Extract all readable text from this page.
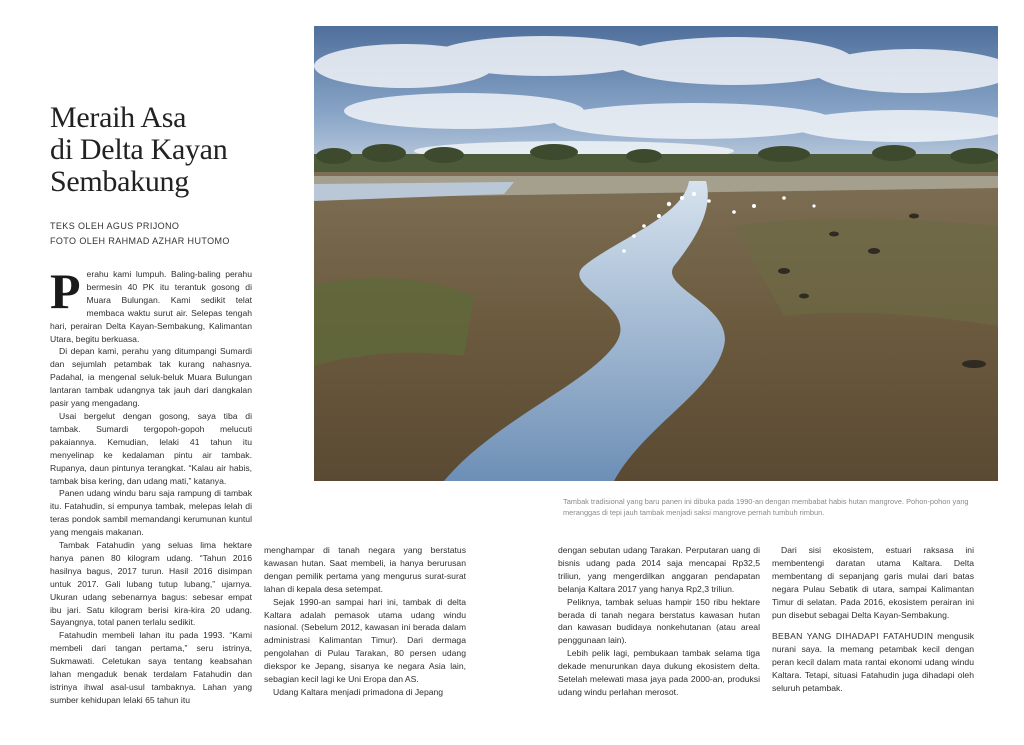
Meraih Asa
di Delta Kayan
Sembakung
TEKS OLEH AGUS PRIJONO
FOTO OLEH RAHMAD AZHAR HUTOMO

Perahu kami lumpuh. Baling-baling perahu bermesin 40 PK itu terantuk gosong di Muara Bulungan. Kami sedikit telat membaca waktu surut air. Selepas tengah hari, perairan Delta Kayan-Sembakung, Kalimantan Utara, begitu berkuasa.

Di depan kami, perahu yang ditumpangi Sumardi dan sejumlah petambak tak kurang nahasnya. Padahal, ia mengenal seluk-beluk Muara Bulungan lantaran tambak udangnya tak jauh dari dangkalan pasir yang mengadang.

Usai bergelut dengan gosong, saya tiba di tambak. Sumardi tergopoh-gopoh melucuti pakaiannya. Kemudian, lelaki 41 tahun itu menyelinap ke kedalaman pintu air tambak. Rupanya, daun pintunya terangkat. “Kalau air habis, tambak bisa kering, dan udang mati,” katanya.

Panen udang windu baru saja rampung di tambak itu. Fatahudin, si empunya tambak, melepas lelah di teras pondok sambil memandangi kerumunan kuntul yang mengais makanan.

Tambak Fatahudin yang seluas lima hektare hanya panen 80 kilogram udang. “Tahun 2016 hasilnya bagus, 2017 turun. Hasil 2016 disimpan untuk 2017. Gali lubang tutup lubang,” ujarnya. Ukuran udang sebenarnya bagus: sebesar empat ibu jari. Satu kilogram berisi kira-kira 20 udang. Sayangnya, total panen terlalu sedikit.

Fatahudin membeli lahan itu pada 1993. “Kami membeli dari tangan pertama,” seru istrinya, Sukmawati. Celetukan saya tentang keabsahan lahan mengaduk benak terdalam Fatahudin dan istrinya ihwal asal-usul tambaknya. Lahan yang sumber kehidupan lelaki 65 tahun itu

menghampar di tanah negara yang berstatus kawasan hutan. Saat membeli, ia hanya berurusan dengan pemilik pertama yang mengurus surat-surat lahan di kepala desa setempat.

Sejak 1990-an sampai hari ini, tambak di delta Kaltara adalah pemasok utama udang windu nasional. (Sebelum 2012, kawasan ini berada dalam administrasi Kalimantan Timur). Dari dermaga pengolahan di Pulau Tarakan, 80 persen udang diekspor ke Jepang, sisanya ke negara Asia lain, sebagian kecil lagi ke Uni Eropa dan AS.

Udang Kaltara menjadi primadona di Jepang

dengan sebutan udang Tarakan. Perputaran uang di bisnis udang pada 2014 saja mencapai Rp32,5 triliun, yang mengerdilkan anggaran pendapatan belanja Kaltara 2017 yang hanya Rp2,3 triliun.

Peliknya, tambak seluas hampir 150 ribu hektare berada di tanah negara berstatus kawasan hutan dan kawasan budidaya nonkehutanan (atau areal penggunaan lain).

Lebih pelik lagi, pembukaan tambak selama tiga dekade menurunkan daya dukung ekosistem delta. Setelah melewati masa jaya pada 2000-an, produksi udang windu perlahan merosot.

Dari sisi ekosistem, estuari raksasa ini membentengi daratan utama Kaltara. Delta membentang di sepanjang garis mulai dari batas negara Pulau Sebatik di utara, sampai Kalimantan Timur di selatan. Pada 2016, ekosistem perairan ini pun disebut sebagai Delta Kayan-Sembakung.

BEBAN YANG DIHADAPI FATAHUDIN mengusik nurani saya. Ia memang petambak kecil dengan peran kecil dalam mata rantai ekonomi udang windu Kaltara. Tetapi, situasi Fatahudin juga dihadapi oleh seluruh petambak.

Tambak tradisional yang baru panen ini dibuka pada 1990-an dengan membabat habis hutan mangrove. Pohon-pohon yang meranggas di tepi jauh tambak menjadi saksi mangrove pernah tumbuh rimbun.
